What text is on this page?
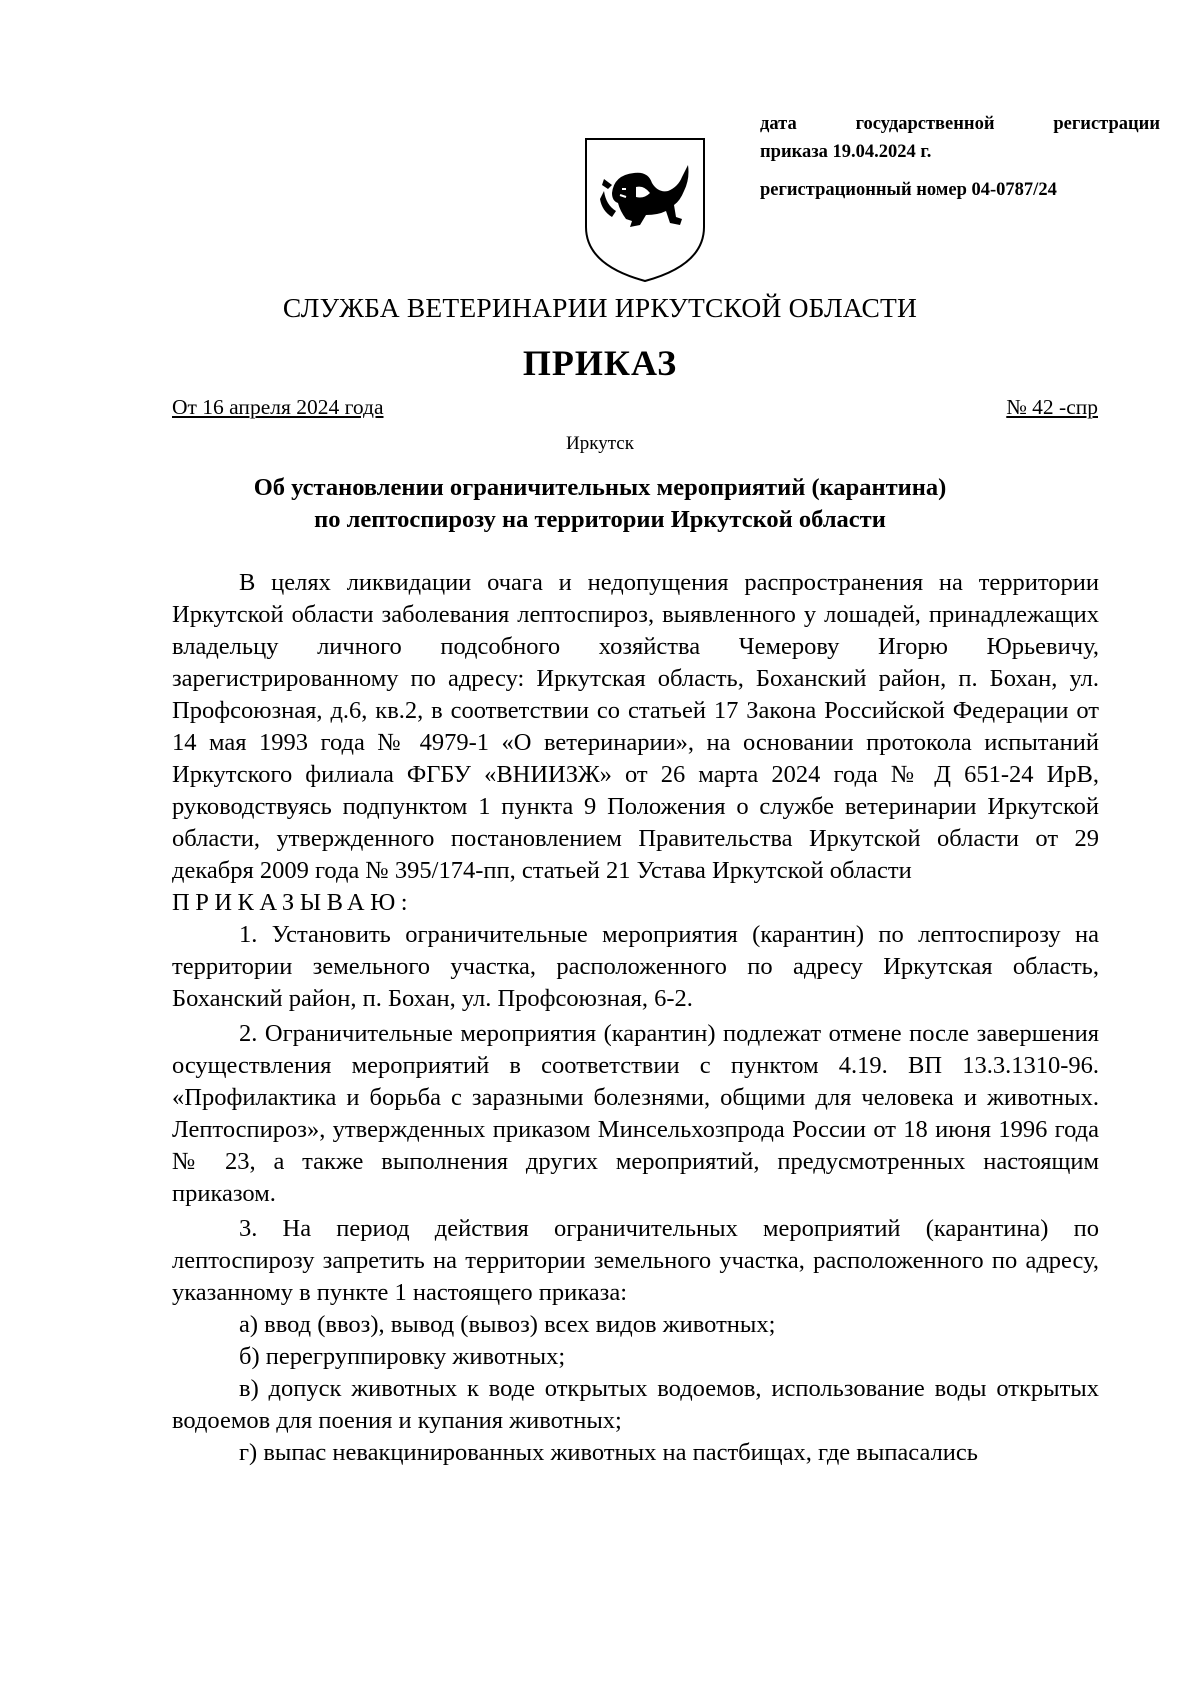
дата государственной регистрации
приказа 19.04.2024 г.
регистрационный номер 04-0787/24
СЛУЖБА ВЕТЕРИНАРИИ ИРКУТСКОЙ ОБЛАСТИ
ПРИКАЗ
От 16 апреля 2024 года	№ 42 -спр
Иркутск
Об установлении ограничительных мероприятий (карантина)
по лептоспирозу на территории Иркутской области

В целях ликвидации очага и недопущения распространения на территории Иркутской области заболевания лептоспироз, выявленного у лошадей, принадлежащих владельцу личного подсобного хозяйства Чемерову Игорю Юрьевичу, зарегистрированному по адресу: Иркутская область, Боханский район, п. Бохан, ул. Профсоюзная, д.6, кв.2, в соответствии со статьей 17 Закона Российской Федерации от 14 мая 1993 года № 4979-1 «О ветеринарии», на основании протокола испытаний Иркутского филиала ФГБУ «ВНИИЗЖ» от 26 марта 2024 года № Д 651-24 ИрВ, руководствуясь подпунктом 1 пункта 9 Положения о службе ветеринарии Иркутской области, утвержденного постановлением Правительства Иркутской области от 29 декабря 2009 года № 395/174-пп, статьей 21 Устава Иркутской области

ПРИКАЗЫВАЮ:

1. Установить ограничительные мероприятия (карантин) по лептоспирозу на территории земельного участка, расположенного по адресу Иркутская область, Боханский район, п. Бохан, ул. Профсоюзная, 6-2.

2. Ограничительные мероприятия (карантин) подлежат отмене после завершения осуществления мероприятий в соответствии с пунктом 4.19. ВП 13.3.1310-96. «Профилактика и борьба с заразными болезнями, общими для человека и животных. Лептоспироз», утвержденных приказом Минсельхозпрода России от 18 июня 1996 года № 23, а также выполнения других мероприятий, предусмотренных настоящим приказом.

3. На период действия ограничительных мероприятий (карантина) по лептоспирозу запретить на территории земельного участка, расположенного по адресу, указанному в пункте 1 настоящего приказа:

а) ввод (ввоз), вывод (вывоз) всех видов животных;

б) перегруппировку животных;

в) допуск животных к воде открытых водоемов, использование воды открытых водоемов для поения и купания животных;

г) выпас невакцинированных животных на пастбищах, где выпасались
